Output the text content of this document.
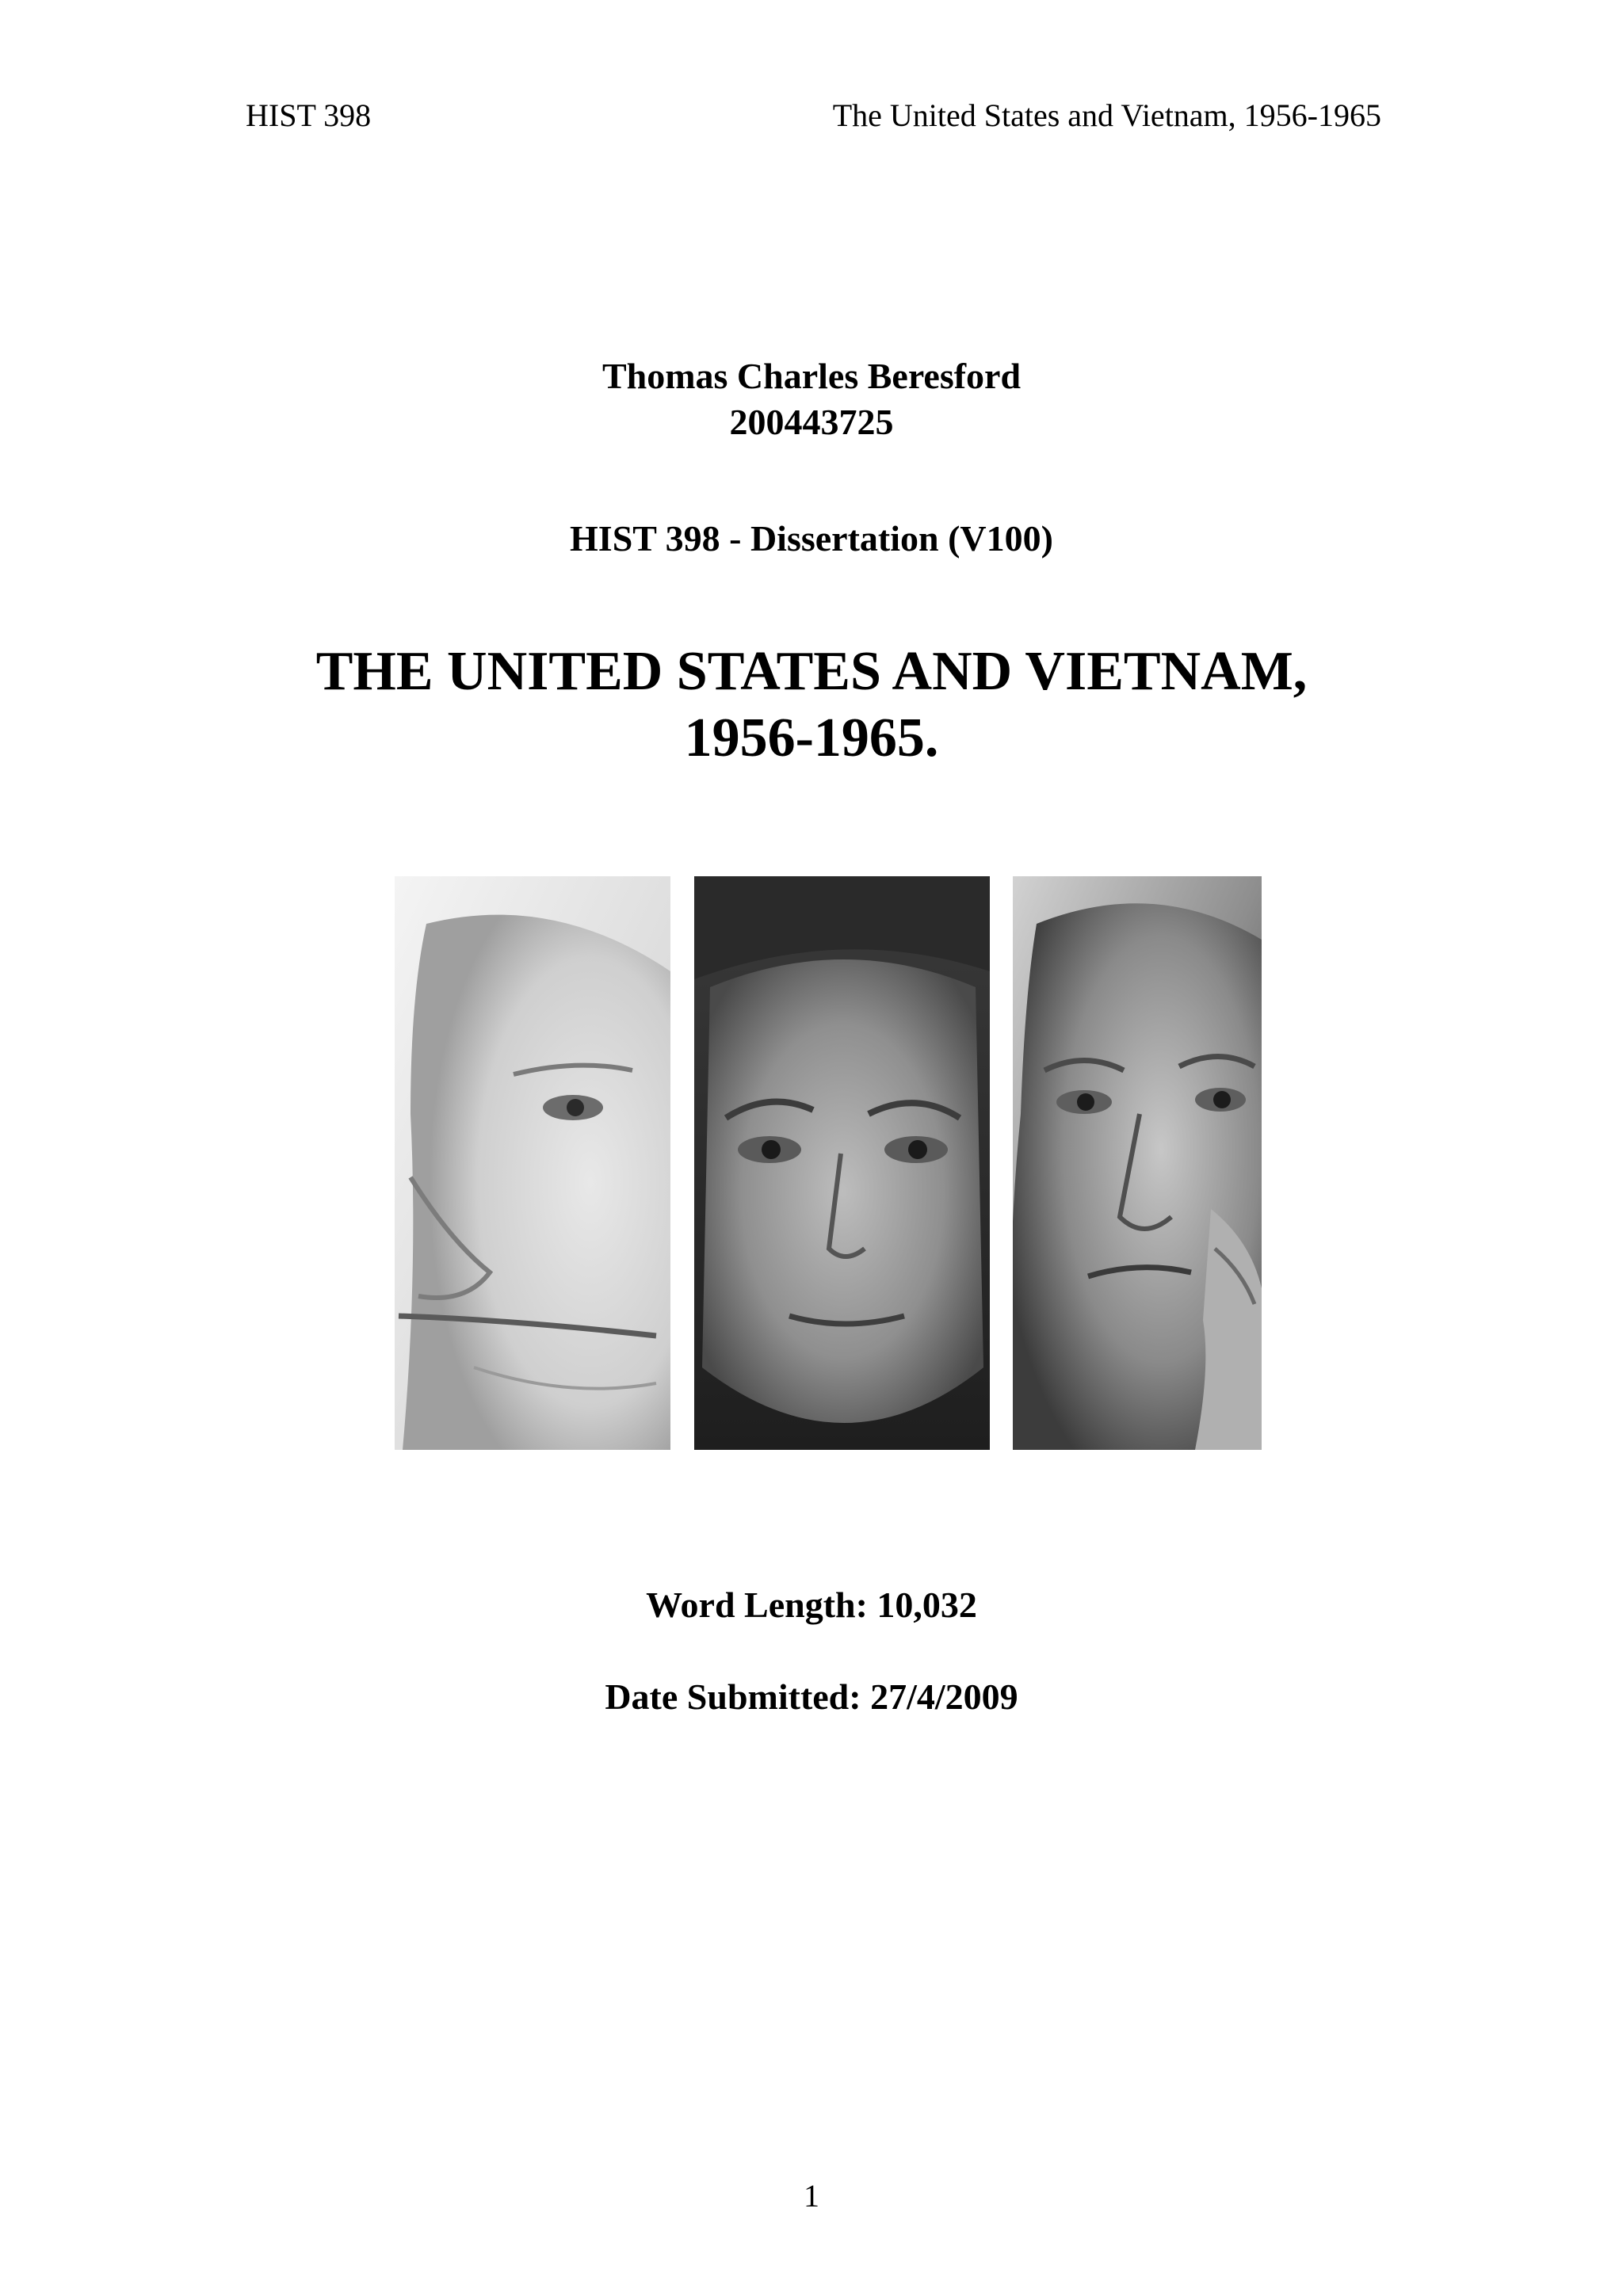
HIST 398	The United States and Vietnam, 1956-1965
Thomas Charles Beresford
200443725
HIST 398 - Dissertation (V100)
THE UNITED STATES AND VIETNAM,
1956-1965.
Word Length: 10,032
Date Submitted: 27/4/2009
1
